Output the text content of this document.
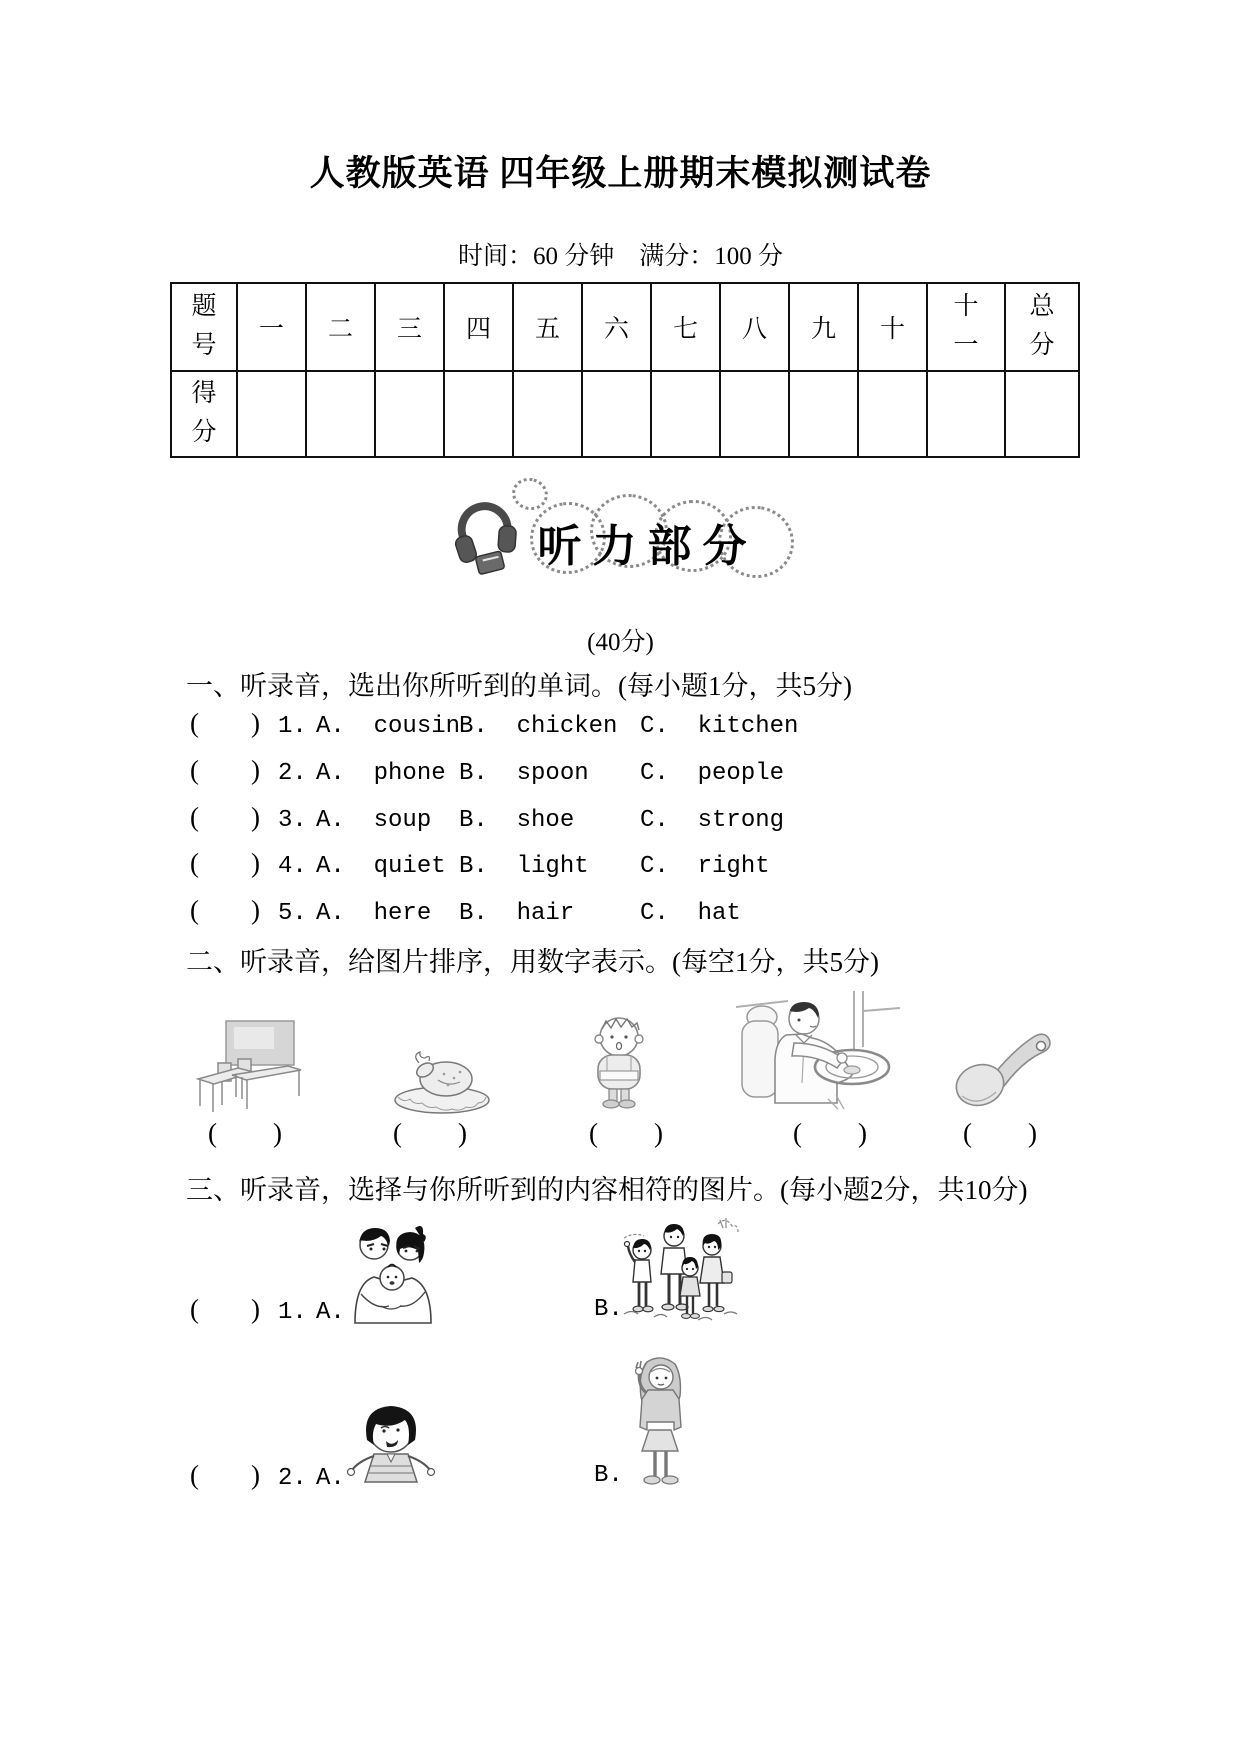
人教版英语 四年级上册期末模拟测试卷
时间：60 分钟　满分：100 分
题号	一	二	三	四	五	六	七	八	九	十	十一	总分
得分												
听力部分
(40分)
一、听录音，选出你所听到的单词。(每小题1分，共5分)
( ) 1. A.  cousin
B.  chicken C.  kitchen
( ) 2. A.  phone B.  spoon	C.  people
( ) 3. A.  soup	B.  shoe	C.  strong
( ) 4. A.  quiet B.  light	C.  right
( ) 5. A.  here	B.  hair	C.  hat
二、听录音，给图片排序，用数字表示。(每空1分，共5分)
( )	( )	( )	( )	( )
三、听录音，选择与你所听到的内容相符的图片。(每小题2分，共10分)
( ) 1. A.	B.
( ) 2. A.	B.
